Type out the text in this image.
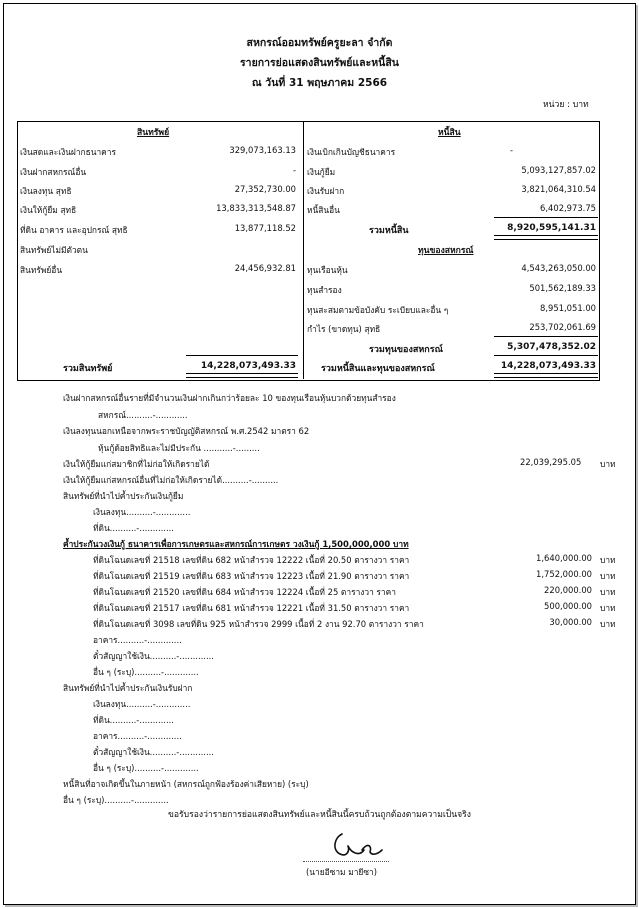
สหกรณ์ออมทรัพย์ครูยะลา จำกัด
รายการย่อแสดงสินทรัพย์และหนี้สิน
ณ วันที่ 31 พฤษภาคม 2566
หน่วย : บาท
สินทรัพย์
เงินสดและเงินฝากธนาคาร	329,073,163.13
เงินฝากสหกรณ์อื่น	-
เงินลงทุน สุทธิ	27,352,730.00
เงินให้กู้ยืม สุทธิ	13,833,313,548.87
ที่ดิน อาคาร และอุปกรณ์ สุทธิ	13,877,118.52
สินทรัพย์ไม่มีตัวตน
สินทรัพย์อื่น	24,456,932.81
รวมสินทรัพย์	14,228,073,493.33
หนี้สิน
เงินเบิกเกินบัญชีธนาคาร	-
เงินกู้ยืม	5,093,127,857.02
เงินรับฝาก	3,821,064,310.54
หนี้สินอื่น	6,402,973.75
รวมหนี้สิน	8,920,595,141.31
ทุนของสหกรณ์
ทุนเรือนหุ้น	4,543,263,050.00
ทุนสำรอง	501,562,189.33
ทุนสะสมตามข้อบังคับ ระเบียบและอื่น ๆ	8,951,051.00
กำไร (ขาดทุน) สุทธิ	253,702,061.69
รวมทุนของสหกรณ์	5,307,478,352.02
รวมหนี้สินและทุนของสหกรณ์	14,228,073,493.33
เงินฝากสหกรณ์อื่นรายที่มีจำนวนเงินฝากเกินกว่าร้อยละ 10 ของทุนเรือนหุ้นบวกด้วยทุนสำรอง
สหกรณ์..........-............
เงินลงทุนนอกเหนือจากพระราชบัญญัติสหกรณ์ พ.ศ.2542 มาตรา 62
หุ้นกู้ด้อยสิทธิและไม่มีประกัน ...........-.........
เงินให้กู้ยืมแก่สมาชิกที่ไม่ก่อให้เกิดรายได้	22,039,295.05 บาท
เงินให้กู้ยืมแก่สหกรณ์อื่นที่ไม่ก่อให้เกิดรายได้..........-..........
สินทรัพย์ที่นำไปค้ำประกันเงินกู้ยืม
เงินลงทุน..........-.............
ที่ดิน..........-.............
ค้ำประกันวงเงินกู้ ธนาคารเพื่อการเกษตรและสหกรณ์การเกษตร วงเงินกู้ 1,500,000,000 บาท
ที่ดินโฉนดเลขที่ 21518 เลขที่ดิน 682 หน้าสำรวจ 12222 เนื้อที่ 20.50 ตารางวา ราคา	1,640,000.00 บาท
ที่ดินโฉนดเลขที่ 21519 เลขที่ดิน 683 หน้าสำรวจ 12223 เนื้อที่ 21.90 ตารางวา ราคา	1,752,000.00 บาท
ที่ดินโฉนดเลขที่ 21520 เลขที่ดิน 684 หน้าสำรวจ 12224 เนื้อที่ 25 ตารางวา ราคา	220,000.00 บาท
ที่ดินโฉนดเลขที่ 21517 เลขที่ดิน 681 หน้าสำรวจ 12221 เนื้อที่ 31.50 ตารางวา ราคา	500,000.00 บาท
ที่ดินโฉนดเลขที่ 3098 เลขที่ดิน 925 หน้าสำรวจ 2999 เนื้อที่ 2 งาน 92.70 ตารางวา ราคา	30,000.00 บาท
อาคาร..........-.............
ตั๋วสัญญาใช้เงิน..........-.............
อื่น ๆ (ระบุ)..........-.............
สินทรัพย์ที่นำไปค้ำประกันเงินรับฝาก
เงินลงทุน..........-.............
ที่ดิน..........-.............
อาคาร..........-.............
ตั๋วสัญญาใช้เงิน..........-.............
อื่น ๆ (ระบุ)..........-.............
หนี้สินที่อาจเกิดขึ้นในภายหน้า (สหกรณ์ถูกฟ้องร้องค่าเสียหาย) (ระบุ)
อื่น ๆ (ระบุ)..........-.............
ขอรับรองว่ารายการย่อแสดงสินทรัพย์และหนี้สินนี้ครบถ้วนถูกต้องตามความเป็นจริง
(นายอีซาม มายีซา)
